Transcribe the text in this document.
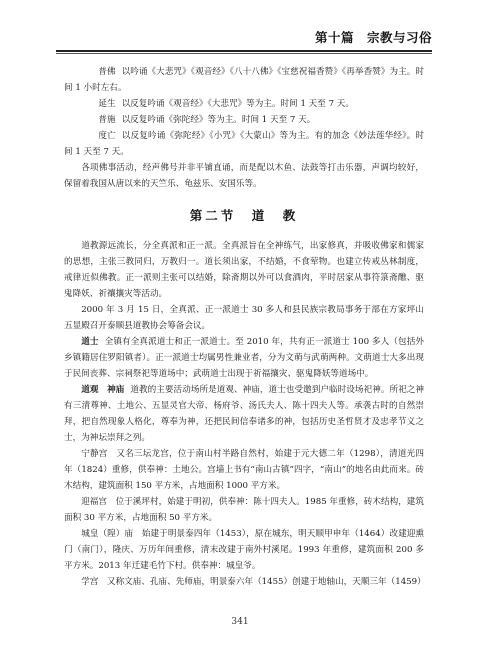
第十篇　宗教与习俗

普佛 以吟诵《大悲咒》《观音经》《八十八佛》《宝慈祝福香赞》《再举香赞》为主。时间 1 小时左右。

延生 以反复吟诵《观音经》《大悲咒》等为主。时间 1 天至 7 天。

普施 以反复吟诵《弥陀经》等为主。时间 1 天至 7 天。

度亡 以反复吟诵《弥陀经》《小咒》《大蒙山》等为主。有的加念《妙法莲华经》。时间 1 天至 7 天。

各项佛事活动，经声佛号并非平铺直诵，而是配以木鱼、法鼓等打击乐器，声调均较好，保留着我国从唐以来的天竺乐、龟兹乐、安国乐等。

第二节　道　教

道教源远流长，分全真派和正一派。全真派旨在全神练气，出家修真，并吸收佛家和儒家的思想，主张三教同归，万教归一。道长须出家，不结婚，不食荤物。也建立传戒丛林制度，戒律近似佛教。正一派则主张可以结婚，除斋期以外可以食酒肉，平时居家从事符箓斋醮、驱鬼降妖、祈禳攘灾等活动。

2000 年 3 月 15 日，全真派、正一派道士 30 多人和县民族宗教局事务于部在方家坪山五显殿召开泰顺县道教协会筹备会议。

道士 全镇有全真派道士和正一派道士。至 2010 年，共有正一派道士 100 多人（包括外乡镇籍居住罗阳镇者）。正一派道士均属男性兼业者，分为文萌与武萌两种。文萌道士大多出现于民间丧葬、宗祠祭祀等道场中；武萌道士出现于祈福攘灾、驱鬼降妖等道场中。

道观　神庙 道教的主要活动场所是道观、神庙，道士也受邀到户临时设场祀神。所祀之神有三清尊神、土地公、五显灵官大帝、杨府爷、汤氏夫人、陈十四夫人等。承袭古时的自然崇拜，把自然现象人格化，尊奉为神，还把民间信奉诸多的神，包括历史圣哲贤才及忠孝节义之士，为神坛崇拜之列。

宁静宫　又名三坛龙宫，位于南山村半路自然村，始建于元大德二年（1298），清道光四年（1824）重修，供奉神：土地公。宫墙上书有“南山古镇”四字，“南山”的地名由此而来。砖木结构，建筑面积 150 平方米，占地面积 1000 平方米。

迎福宫　位于溪坪村，始建于明初，供奉神：陈十四夫人。1985 年重修，砖木结构，建筑面积 30 平方米，占地面积 50 平方米。

城皇（隍）庙　始建于明景泰四年（1453），原在城东，明天顺甲申年（1464）改建迎熏门（南门），隆庆、万历年间重修，清末改建于南外村溪尾。1993 年重修，建筑面积 200 多平方米。2013 年迁建毛竹下村。供奉神：城皇爷。

学宫　又称文庙、孔庙、先师庙，明景泰六年（1455）创建于地轴山，天顺三年（1459）

341
